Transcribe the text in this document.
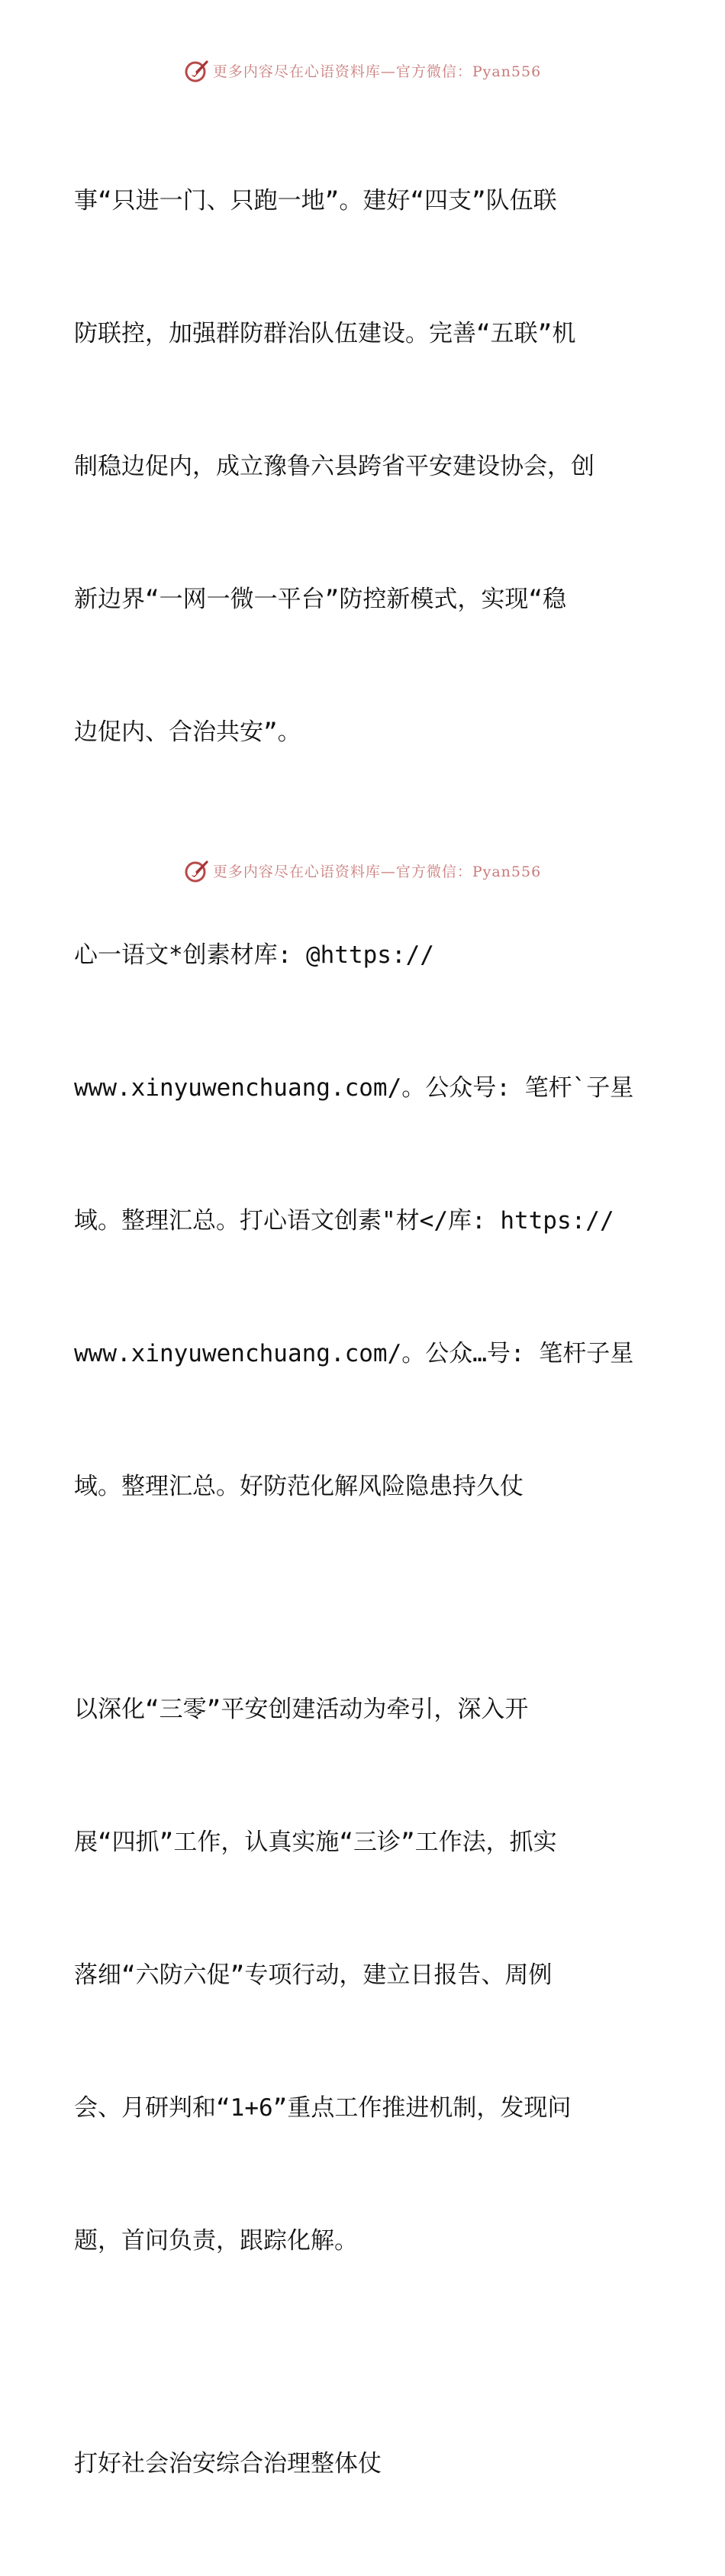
更多内容尽在心语资料库—官方微信：Pyan556

事“只进一门、只跑一地”。建好“四支”队伍联

防联控，加强群防群治队伍建设。完善“五联”机

制稳边促内，成立豫鲁六县跨省平安建设协会，创

新边界“一网一微一平台”防控新模式，实现“稳

边促内、合治共安”。

心一语文*创素材库: @https://

www.xinyuwenchuang.com/。公众号: 笔杆`子星

域。整理汇总。打心语文创素"材</库: https://

www.xinyuwenchuang.com/。公众…号: 笔杆子星

域。整理汇总。好防范化解风险隐患持久仗

以深化“三零”平安创建活动为牵引，深入开

展“四抓”工作，认真实施“三诊”工作法，抓实

落细“六防六促”专项行动，建立日报告、周例

会、月研判和“1+6”重点工作推进机制，发现问

题，首问负责，跟踪化解。

打好社会治安综合治理整体仗

更多内容尽在心语资料库—官方微信：Pyan556
